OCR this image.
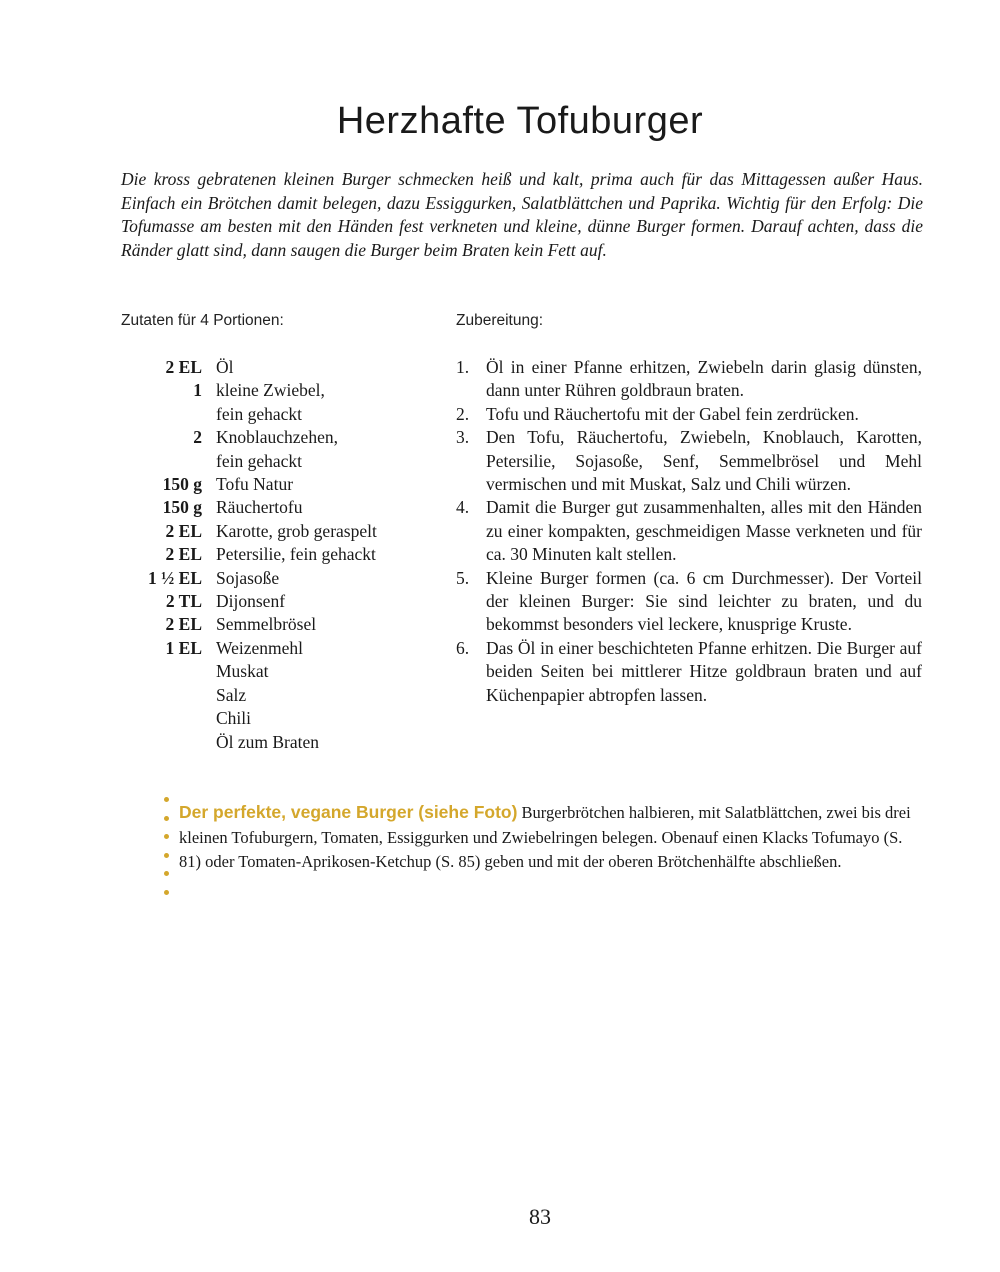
Herzhafte Tofuburger

Die kross gebratenen kleinen Burger schmecken heiß und kalt, prima auch für das Mittagessen außer Haus. Einfach ein Brötchen damit belegen, dazu Essiggurken, Salatblättchen und Paprika. Wichtig für den Erfolg: Die Tofumasse am besten mit den Händen fest verkneten und kleine, dünne Burger formen. Darauf achten, dass die Ränder glatt sind, dann saugen die Burger beim Braten kein Fett auf.

Zutaten für 4 Portionen:	Zubereitung:

2 EL Öl
1 kleine Zwiebel,
fein gehackt
2 Knoblauchzehen,
fein gehackt
150 g Tofu Natur
150 g Räuchertofu
2 EL Karotte, grob geraspelt
2 EL Petersilie, fein gehackt
1 ½ EL Sojasoße
2 TL Dijonsenf
2 EL Semmelbrösel
1 EL Weizenmehl
Muskat
Salz
Chili
Öl zum Braten
1. Öl in einer Pfanne erhitzen, Zwiebeln darin glasig dünsten, dann unter Rühren goldbraun braten.
2. Tofu und Räuchertofu mit der Gabel fein zerdrücken.
3. Den Tofu, Räuchertofu, Zwiebeln, Knoblauch, Karotten, Petersilie, Sojasoße, Senf, Semmelbrösel und Mehl vermischen und mit Muskat, Salz und Chili würzen.
4. Damit die Burger gut zusammenhalten, alles mit den Händen zu einer kompakten, geschmeidigen Masse verkneten und für ca. 30 Minuten kalt stellen.
5. Kleine Burger formen (ca. 6 cm Durchmesser). Der Vorteil der kleinen Burger: Sie sind leichter zu braten, und du bekommst besonders viel leckere, knusprige Kruste.
6. Das Öl in einer beschichteten Pfanne erhitzen. Die Burger auf beiden Seiten bei mittlerer Hitze goldbraun braten und auf Küchenpapier abtropfen lassen.

Der perfekte, vegane Burger (siehe Foto) Burgerbrötchen halbieren, mit Salatblättchen, zwei bis drei kleinen Tofuburgern, Tomaten, Essiggurken und Zwiebelringen belegen. Obenauf einen Klacks Tofumayo (S. 81) oder Tomaten-Aprikosen-Ketchup (S. 85) geben und mit der oberen Brötchenhälfte abschließen.

83
